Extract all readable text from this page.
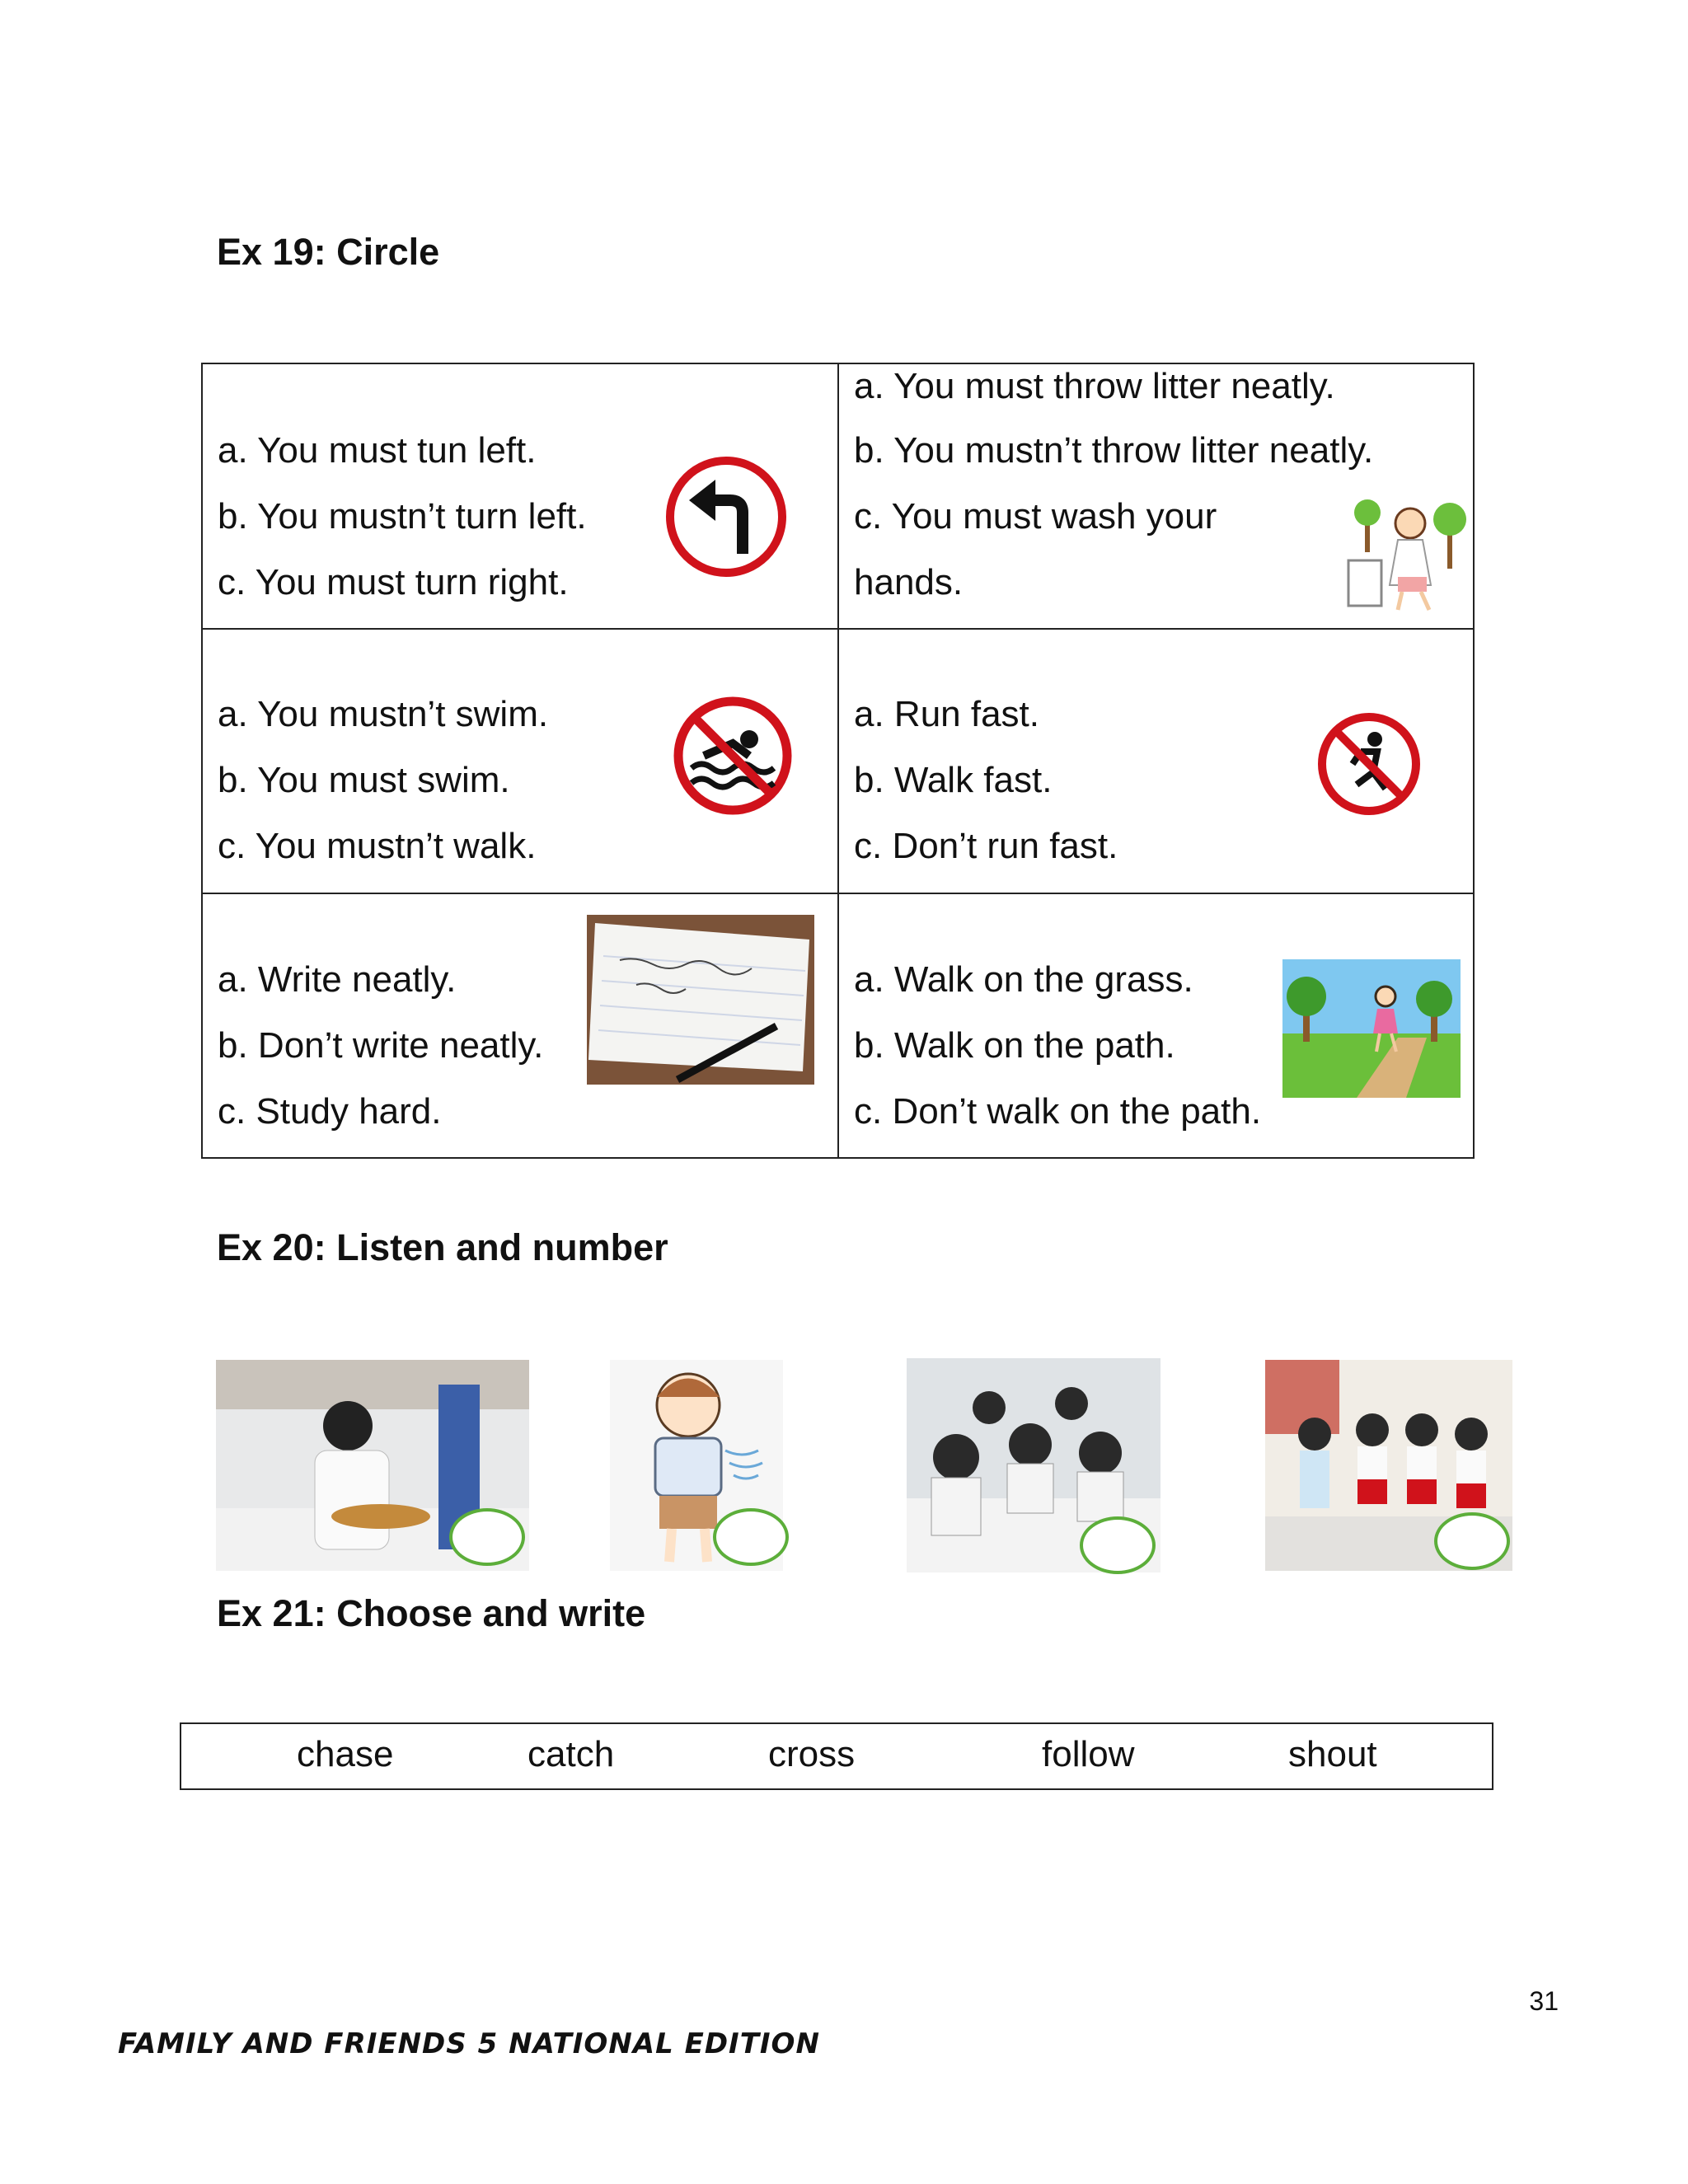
Ex 19: Circle
a. You must tun left.
b. You mustn’t turn left.
c. You must turn right.
a. You must throw litter neatly.
b. You mustn’t throw litter neatly.
c. You must wash your
hands.
a. You mustn’t swim.
b. You must swim.
c. You mustn’t walk.
a. Run fast.
b. Walk fast.
c. Don’t run fast.
a. Write neatly.
b. Don’t write neatly.
c. Study hard.
a. Walk on the grass.
b. Walk on the path.
c. Don’t walk on the path.
Ex 20: Listen and number
Ex 21: Choose and write
chase	catch	cross	follow	shout
31
FAMILY AND FRIENDS 5 NATIONAL EDITION
